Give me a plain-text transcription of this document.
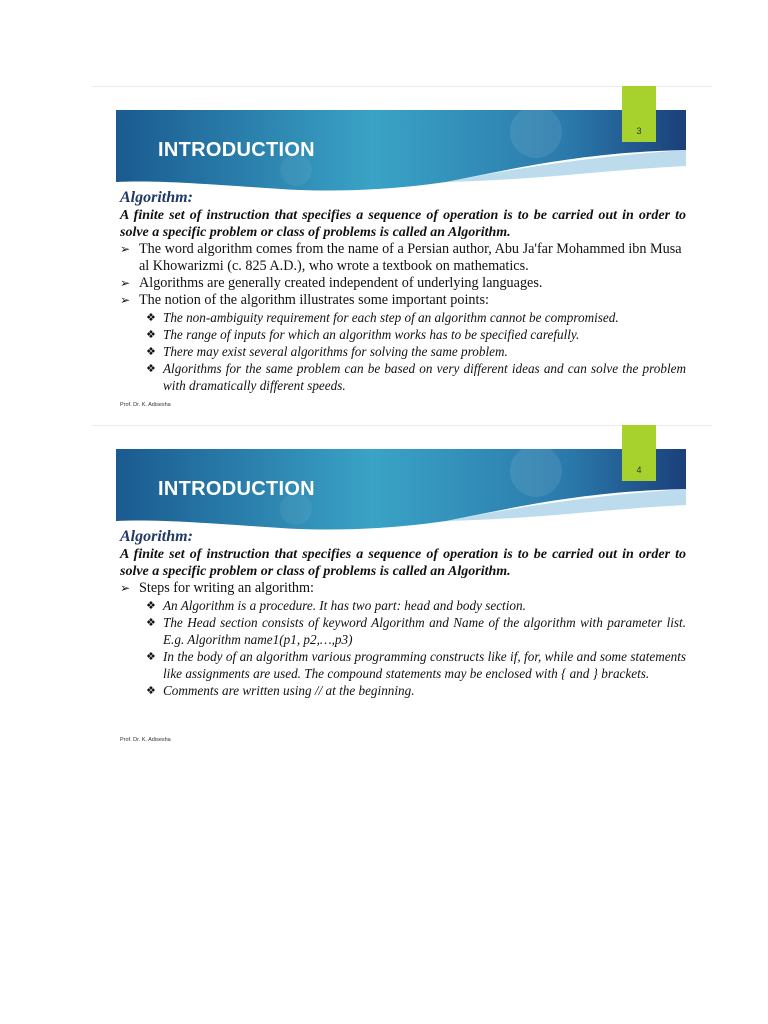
INTRODUCTION
3

Algorithm:

A finite set of instruction that specifies a sequence of operation is to be carried out in order to solve a specific problem or class of problems is called an Algorithm.

➢ The word algorithm comes from the name of a Persian author, Abu Ja'far Mohammed ibn Musa al Khowarizmi (c. 825 A.D.), who wrote a textbook on mathematics.

➢ Algorithms are generally created independent of underlying languages.

➢ The notion of the algorithm illustrates some important points:

❖ The non-ambiguity requirement for each step of an algorithm cannot be compromised.

❖ The range of inputs for which an algorithm works has to be specified carefully.

❖ There may exist several algorithms for solving the same problem.

❖ Algorithms for the same problem can be based on very different ideas and can solve the problem with dramatically different speeds.

Prof. Dr. K. Adisesha
INTRODUCTION
4

Algorithm:

A finite set of instruction that specifies a sequence of operation is to be carried out in order to solve a specific problem or class of problems is called an Algorithm.

➢ Steps for writing an algorithm:

❖ An Algorithm is a procedure. It has two part: head and body section.

❖ The Head section consists of keyword Algorithm and Name of the algorithm with parameter list. E.g. Algorithm name1(p1, p2,…,p3)

❖ In the body of an algorithm various programming constructs like if, for, while and some statements like assignments are used. The compound statements may be enclosed with { and } brackets.

❖ Comments are written using // at the beginning.

Prof. Dr. K. Adisesha
